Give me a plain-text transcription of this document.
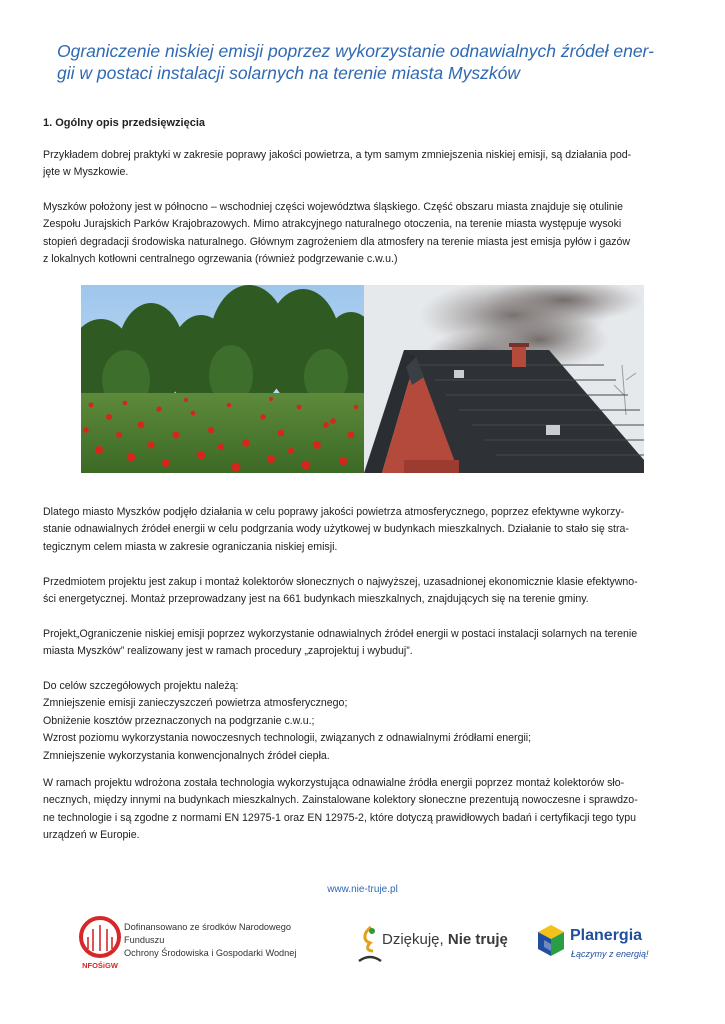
Ograniczenie niskiej emisji poprzez wykorzystanie odnawialnych źródeł ener-
gii w postaci instalacji solarnych na terenie miasta Myszków
1. Ogólny opis przedsięwzięcia

Przykładem dobrej praktyki w zakresie poprawy jakości powietrza, a tym samym zmniejszenia niskiej emisji, są działania pod-
jęte w Myszkowie.

Myszków położony jest w północno – wschodniej części województwa śląskiego. Część obszaru miasta znajduje się otulinie
Zespołu Jurajskich Parków Krajobrazowych. Mimo atrakcyjnego naturalnego otoczenia, na terenie miasta występuje wysoki
stopień degradacji środowiska naturalnego. Głównym zagrożeniem dla atmosfery na terenie miasta jest emisja pyłów i gazów
z lokalnych kotłowni centralnego ogrzewania (również podgrzewanie c.w.u.)

Dlatego miasto Myszków podjęło działania w celu poprawy jakości powietrza atmosferycznego, poprzez efektywne wykorzy-
stanie odnawialnych źródeł energii w celu podgrzania wody użytkowej w budynkach mieszkalnych. Działanie to stało się stra-
tegicznym celem miasta w zakresie ograniczania niskiej emisji.

Przedmiotem projektu jest zakup i montaż kolektorów słonecznych o najwyższej, uzasadnionej ekonomicznie klasie efektywno-
ści energetycznej. Montaż przeprowadzany jest na 661 budynkach mieszkalnych, znajdujących się na terenie gminy.

Projekt„Ograniczenie niskiej emisji poprzez wykorzystanie odnawialnych źródeł energii w postaci instalacji solarnych na terenie
miasta Myszków” realizowany jest w ramach procedury „zaprojektuj i wybuduj”.

Do celów szczegółowych projektu należą:
Zmniejszenie emisji zanieczyszczeń powietrza atmosferycznego;
Obniżenie kosztów przeznaczonych na podgrzanie c.w.u.;
Wzrost poziomu wykorzystania nowoczesnych technologii, związanych z odnawialnymi źródłami energii;
Zmniejszenie wykorzystania konwencjonalnych źródeł ciepła.

W ramach projektu wdrożona została technologia wykorzystująca odnawialne źródła energii poprzez montaż kolektorów sło-
necznych, między innymi na budynkach mieszkalnych. Zainstalowane kolektory słoneczne prezentują nowoczesne i sprawdzo-
ne technologie i są zgodne z normami EN 12975-1 oraz EN 12975-2, które dotyczą prawidłowych badań i certyfikacji tego typu
urządzeń w Europie.

www.nie-truje.pl
NFOŚiGW
Dofinansowano ze środków Narodowego Funduszu
Ochrony Środowiska i Gospodarki Wodnej
Dziękuję, Nie truję	Planergia
Łączymy z energią!
